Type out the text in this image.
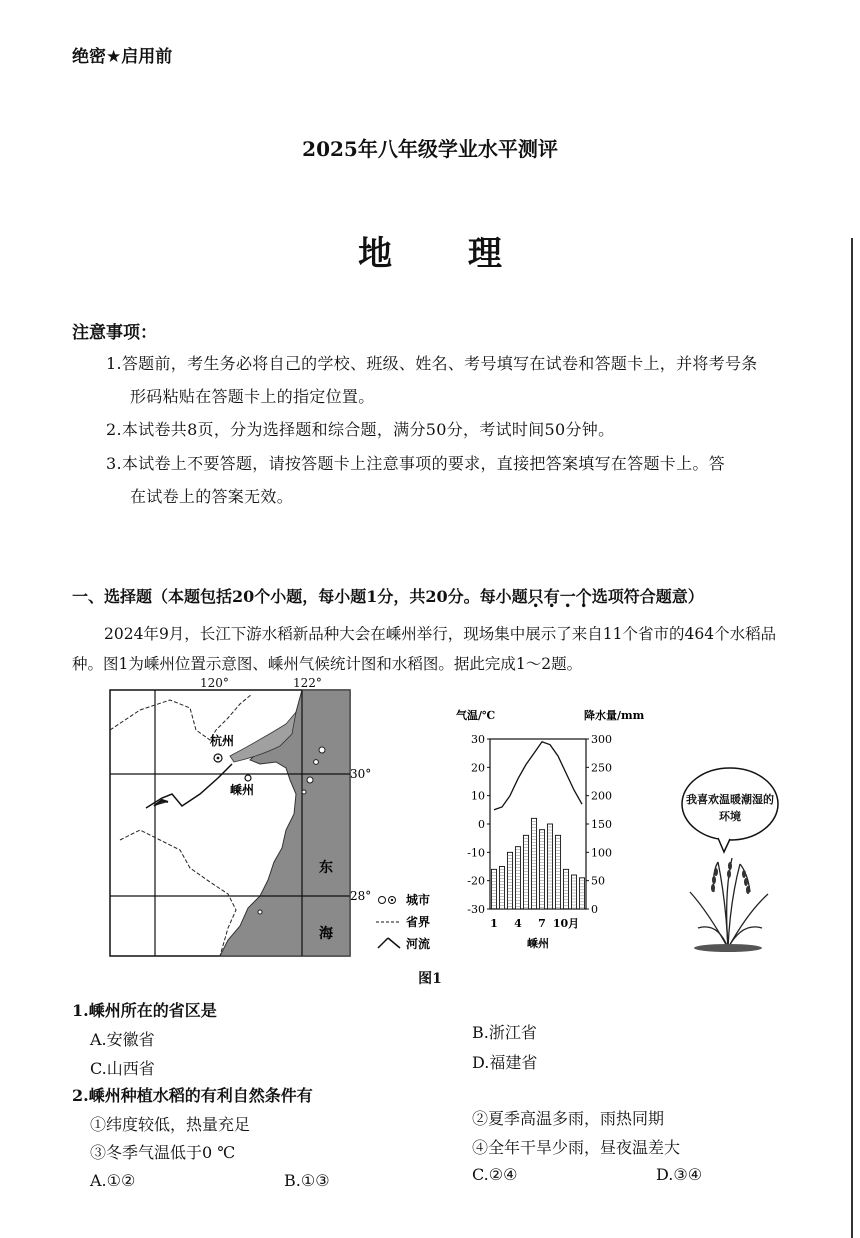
绝密★启用前
2025年八年级学业水平测评
地 理
注意事项：
1.答题前，考生务必将自己的学校、班级、姓名、考号填写在试卷和答题卡上，并将考号条
形码粘贴在答题卡上的指定位置。
2.本试卷共8页，分为选择题和综合题，满分50分，考试时间50分钟。
3.本试卷上不要答题，请按答题卡上注意事项的要求，直接把答案填写在答题卡上。答
在试卷上的答案无效。
一、选择题（本题包括20个小题，每小题1分，共20分。每小题只有一个选项符合题意）
2024年9月，长江下游水稻新品种大会在嵊州举行，现场集中展示了来自11个省市的464个水稻品种。图1为嵊州位置示意图、嵊州气候统计图和水稻图。据此完成1～2题。
杭州
嵊州
东
海
30°
28°	城市
省界
河流
120°	122°
气温/℃	降水量/mm
30
20
10
0
-10
-20
-30
300
250
200
150
100
50
0
1 4 7 10月
嵊州
我喜欢温暖潮湿的环境
图1
1.嵊州所在的省区是
A.安徽省	B.浙江省
C.山西省	D.福建省
2.嵊州种植水稻的有利自然条件有
①纬度较低，热量充足	②夏季高温多雨，雨热同期
③冬季气温低于0 ℃	④全年干旱少雨，昼夜温差大
A.①②	B.①③	C.②④	D.③④
